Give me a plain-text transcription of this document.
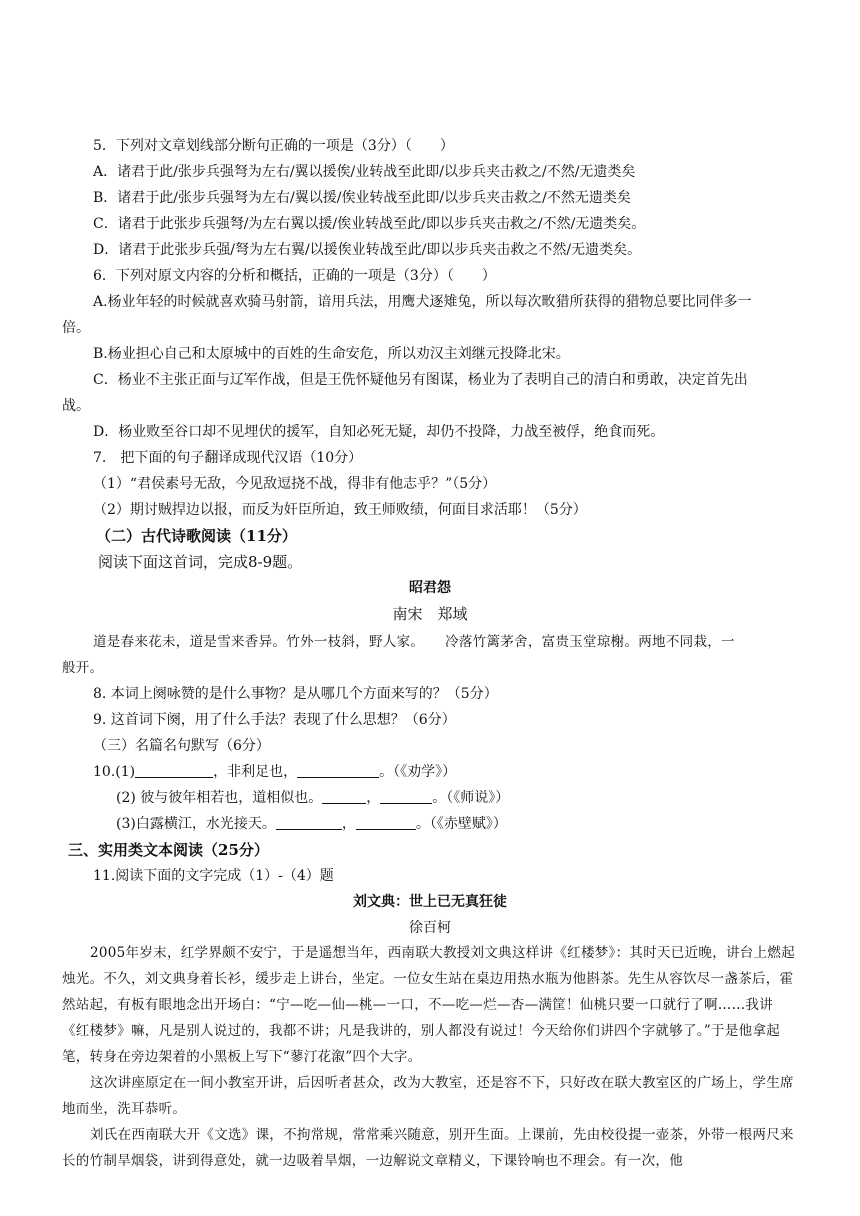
5．下列对文章划线部分断句正确的一项是（3分）（　　）
A．诸君于此/张步兵强弩为左右/翼以援俟/业转战至此即/以步兵夹击救之/不然/无遗类矣
B．诸君于此/张步兵强弩为左右/翼以援/俟业转战至此即/以步兵夹击救之/不然无遗类矣
C．诸君于此张步兵强弩/为左右翼以援/俟业转战至此/即以步兵夹击救之/不然/无遗类矣。
D．诸君于此张步兵强/弩为左右翼/以援俟业转战至此/即以步兵夹击救之不然/无遗类矣。
6．下列对原文内容的分析和概括，正确的一项是（3分）（　　）
A.杨业年轻的时候就喜欢骑马射箭，谙用兵法，用鹰犬逐雉兔，所以每次畋猎所获得的猎物总要比同伴多一
倍。
B.杨业担心自己和太原城中的百姓的生命安危，所以劝汉主刘继元投降北宋。
C．杨业不主张正面与辽军作战，但是王侁怀疑他另有图谋，杨业为了表明自己的清白和勇敢，决定首先出
战。
D．杨业败至谷口却不见埋伏的援军，自知必死无疑，却仍不投降，力战至被俘，绝食而死。
7.　把下面的句子翻译成现代汉语（10分）
（1）“君侯素号无敌，今见敌逗挠不战，得非有他志乎？”（5分）
（2）期讨贼捍边以报，而反为奸臣所迫，致王师败绩，何面目求活耶！（5分）
（二）古代诗歌阅读（11分）
阅读下面这首词，完成8-9题。
昭君怨
南宋　郑域
道是春来花未，道是雪来香异。竹外一枝斜，野人家。　　冷落竹篱茅舍，富贵玉堂琼榭。两地不同栽，一
般开。
8. 本词上阕咏赞的是什么事物？是从哪几个方面来写的？（5分）
9. 这首词下阕，用了什么手法？表现了什么思想？（6分）
（三）名篇名句默写（6分）
10.(1)	，非利足也，	。（《劝学》）
(2) 彼与彼年相若也，道相似也。	，	。（《师说》）
(3)白露横江，水光接天。	，	。（《赤壁赋》）
三、实用类文本阅读（25分）
11.阅读下面的文字完成（1）-（4）题
刘文典：世上已无真狂徒
徐百柯

2005年岁末，红学界颇不安宁，于是遥想当年，西南联大教授刘文典这样讲《红楼梦》：其时天已近晚，讲台上燃起烛光。不久，刘文典身着长衫，缓步走上讲台，坐定。一位女生站在桌边用热水瓶为他斟茶。先生从容饮尽一盏茶后，霍然站起，有板有眼地念出开场白：“宁—吃—仙—桃—一口，不—吃—烂—杏—满筐！仙桃只要一口就行了啊……我讲 《红楼梦》嘛，凡是别人说过的，我都不讲；凡是我讲的，别人都没有说过！今天给你们讲四个字就够了。”于是他拿起笔，转身在旁边架着的小黑板上写下“蓼汀花溆”四个大字。

这次讲座原定在一间小教室开讲，后因听者甚众，改为大教室，还是容不下，只好改在联大教室区的广场上，学生席地而坐，洗耳恭听。

刘氏在西南联大开《文选》课，不拘常规，常常乘兴随意，别开生面。上课前，先由校役提一壶茶，外带一根两尺来长的竹制旱烟袋，讲到得意处，就一边吸着旱烟，一边解说文章精义，下课铃响也不理会。有一次，他
